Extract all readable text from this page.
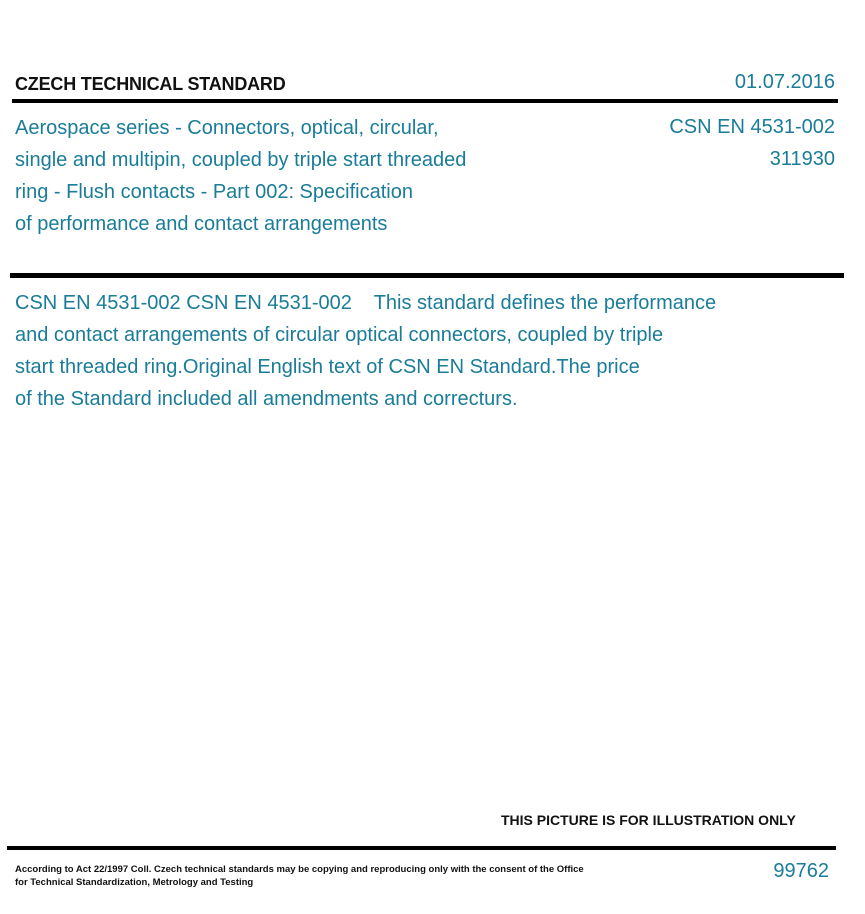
CZECH TECHNICAL STANDARD	01.07.2016
Aerospace series - Connectors, optical, circular,
single and multipin, coupled by triple start threaded
ring - Flush contacts - Part 002: Specification
of performance and contact arrangements
CSN EN 4531-002
311930
CSN EN 4531-002 CSN EN 4531-002    This standard defines the performance
and contact arrangements of circular optical connectors, coupled by triple
start threaded ring.Original English text of CSN EN Standard.The price
of the Standard included all amendments and correcturs.
THIS PICTURE IS FOR ILLUSTRATION ONLY
According to Act 22/1997 Coll. Czech technical standards may be copying and reproducing only with the consent of the Office
for Technical Standardization, Metrology and Testing
99762
